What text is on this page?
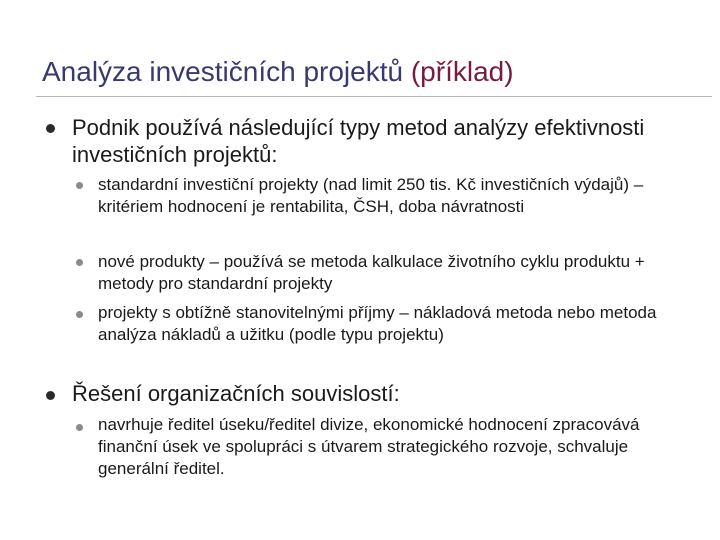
Analýza investičních projektů (příklad)
Podnik používá následující typy metod analýzy efektivnosti investičních projektů:
standardní investiční projekty (nad limit 250 tis. Kč investičních výdajů) – kritériem hodnocení je rentabilita, ČSH, doba návratnosti
nové produkty – používá se metoda kalkulace životního cyklu produktu + metody pro standardní projekty
projekty s obtížně stanovitelnými příjmy – nákladová metoda nebo metoda analýza nákladů a užitku (podle typu projektu)
Řešení organizačních souvislostí:
navrhuje ředitel úseku/ředitel divize, ekonomické hodnocení zpracovává finanční úsek ve spolupráci s útvarem strategického rozvoje, schvaluje generální ředitel.
